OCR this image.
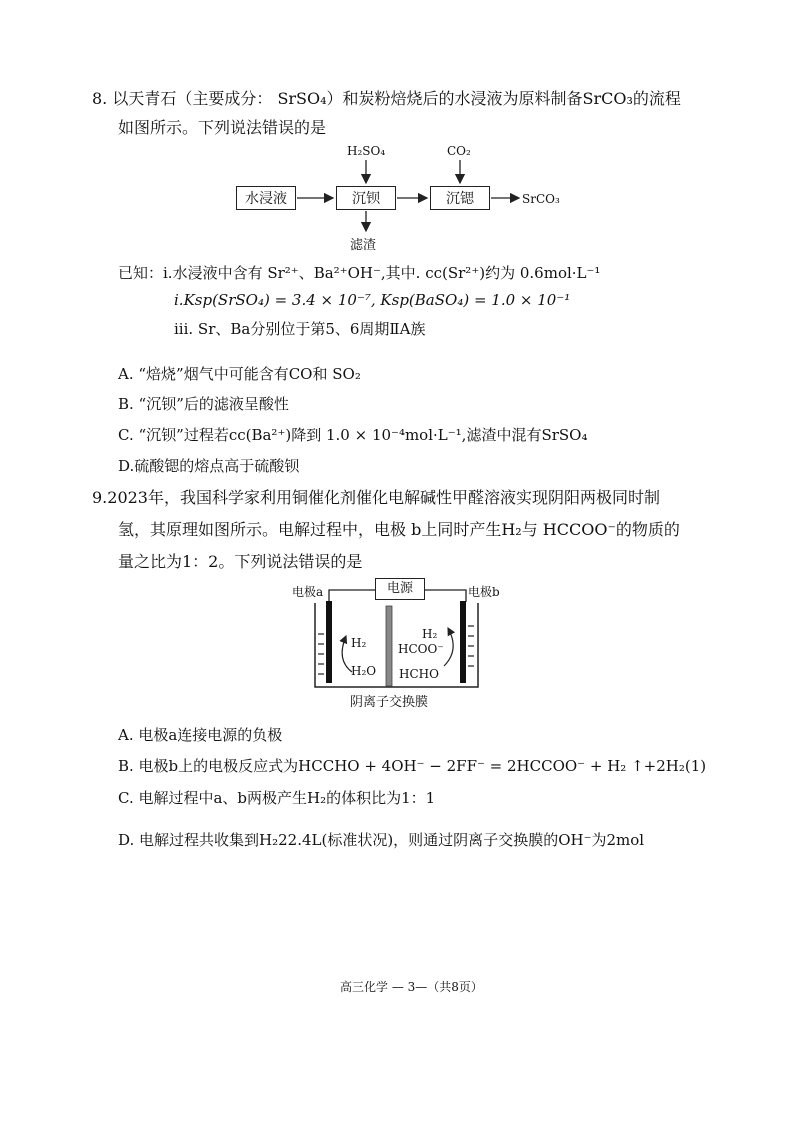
8. 以天青石（主要成分： SrSO₄）和炭粉焙烧后的水浸液为原料制备SrCO₃的流程
如图所示。下列说法错误的是
水浸液	沉钡	沉锶
H₂SO₄	CO₂
滤渣
SrCO₃
已知：i.水浸液中含有 Sr²⁺、Ba²⁺OH⁻,其中. cc(Sr²⁺)约为 0.6mol·L⁻¹
i.Ksp(SrSO₄) = 3.4 × 10⁻⁷, Ksp(BaSO₄) = 1.0 × 10⁻¹
iii. Sr、Ba分别位于第5、6周期ⅡA族
A. “焙烧”烟气中可能含有CO和 SO₂
B. “沉钡”后的滤液呈酸性
C. “沉钡”过程若cc(Ba²⁺)降到 1.0 × 10⁻⁴mol·L⁻¹,滤渣中混有SrSO₄
D.硫酸锶的熔点高于硫酸钡
9.2023年，我国科学家利用铜催化剂催化电解碱性甲醛溶液实现阴阳两极同时制
氢，其原理如图所示。电解过程中，电极 b上同时产生H₂与 HCCOO⁻的物质的
量之比为1：2。下列说法错误的是
电源
电极a	电极b
H₂
H₂O
H₂
HCOO⁻
HCHO
阴离子交换膜
A. 电极a连接电源的负极
B. 电极b上的电极反应式为HCCHO + 4OH⁻ − 2FF⁻ = 2HCCOO⁻ + H₂ ↑+2H₂(1)
C. 电解过程中a、b两极产生H₂的体积比为1：1
D. 电解过程共收集到H₂22.4L(标准状况)，则通过阴离子交换膜的OH⁻为2mol
高三化学 — 3—（共8页）
